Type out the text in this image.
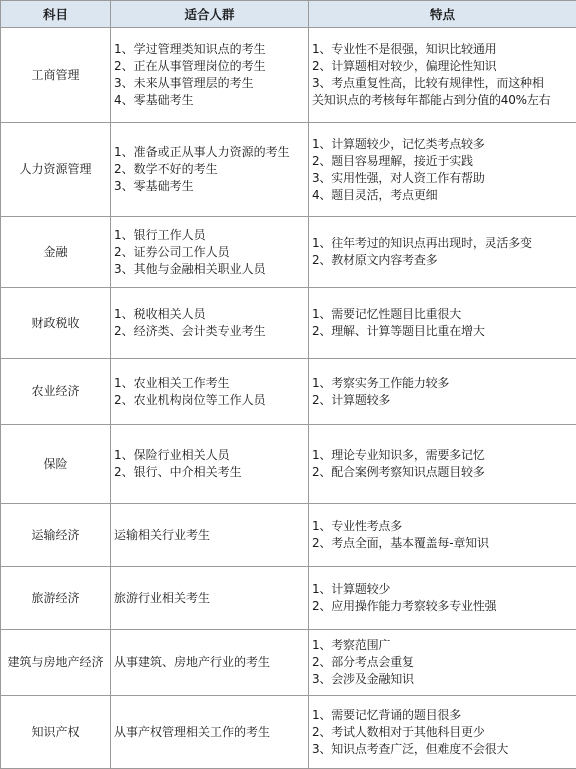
科目	适合人群	特点
工商管理	1、学过管理类知识点的考生
2、正在从事管理岗位的考生
3、未来从事管理层的考生
4、零基础考生	1、专业性不是很强，知识比较通用
2、计算题相对较少，偏理论性知识
3、考点重复性高，比较有规律性，而这种相
关知识点的考核每年都能占到分值的40%左右

人力资源管理	1、准备或正从事人力资源的考生
2、数学不好的考生
3、零基础考生	1、计算题较少，记忆类考点较多
2、题目容易理解，接近于实践
3、实用性强，对人资工作有帮助
4、题目灵活，考点更细

金融	1、银行工作人员
2、证券公司工作人员
3、其他与金融相关职业人员	1、往年考过的知识点再出现时，灵活多变
2、教材原文内容考查多

财政税收	1、税收相关人员
2、经济类、会计类专业考生	1、需要记忆性题目比重很大
2、理解、计算等题目比重在增大

农业经济	1、农业相关工作考生
2、农业机构岗位等工作人员	1、考察实务工作能力较多
2、计算题较多

保险	1、保险行业相关人员
2、银行、中介相关考生	1、理论专业知识多，需要多记忆
2、配合案例考察知识点题目较多

运输经济	运输相关行业考生	1、专业性考点多
2、考点全面，基本覆盖每-章知识

旅游经济	旅游行业相关考生	1、计算题较少
2、应用操作能力考察较多专业性强

建筑与房地产经济	从事建筑、房地产行业的考生	1、考察范围广
2、部分考点会重复
3、会涉及金融知识

知识产权	从事产权管理相关工作的考生	1、需要记忆背诵的题目很多
2、考试人数相对于其他科目更少
3、知识点考查广泛，但难度不会很大
